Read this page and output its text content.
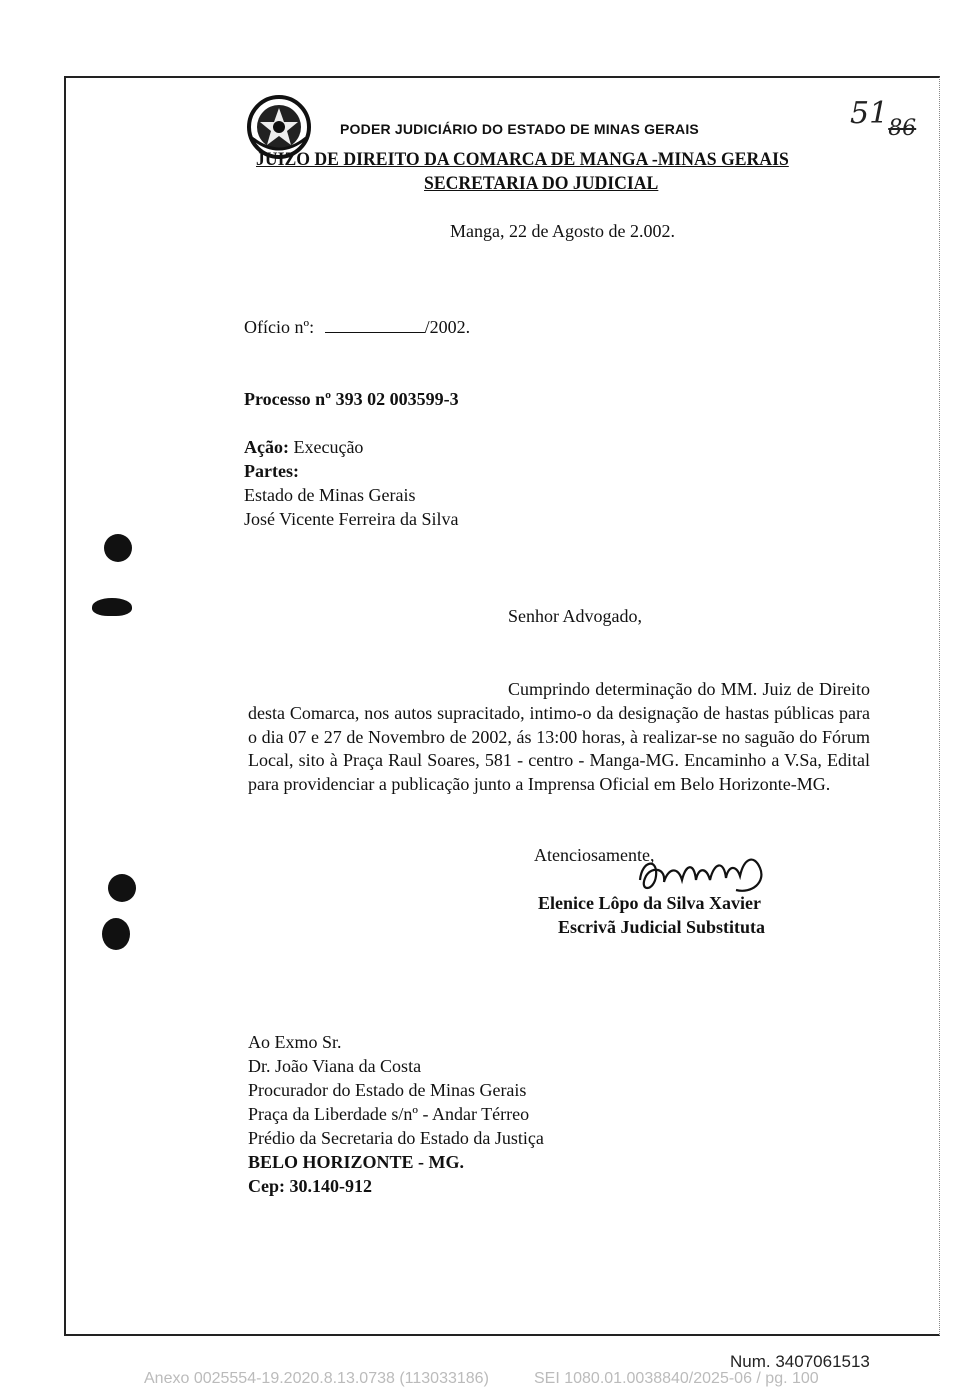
PODER JUDICIÁRIO DO ESTADO DE MINAS GERAIS
JUIZO DE DIREITO DA COMARCA DE MANGA -MINAS GERAIS
SECRETARIA DO JUDICIAL
$51_{86}$
Manga, 22 de Agosto de 2.002.
Ofício nº:	/2002.
Processo nº 393 02 003599-3
Ação: Execução
Partes:
Estado de Minas Gerais
José Vicente Ferreira da Silva
Senhor Advogado,
Cumprindo determinação do MM. Juiz de Direito desta Comarca, nos autos supracitado, intimo-o da designação de hastas públicas para o dia 07 e 27 de Novembro de 2002, ás 13:00 horas, à realizar-se no saguão do Fórum Local, sito à Praça Raul Soares, 581 - centro - Manga-MG. Encaminho a V.Sa, Edital para providenciar a publicação junto a Imprensa Oficial em Belo Horizonte-MG.
Atenciosamente,
Elenice Lôpo da Silva Xavier
Escrivã Judicial Substituta
Ao Exmo Sr.
Dr. João Viana da Costa
Procurador do Estado de Minas Gerais
Praça da Liberdade s/nº - Andar Térreo
Prédio da Secretaria do Estado da Justiça
BELO HORIZONTE - MG.
Cep: 30.140-912
Num. 3407061513
Anexo 0025554-19.2020.8.13.0738 (113033186)	SEI 1080.01.0038840/2025-06 / pg. 100
